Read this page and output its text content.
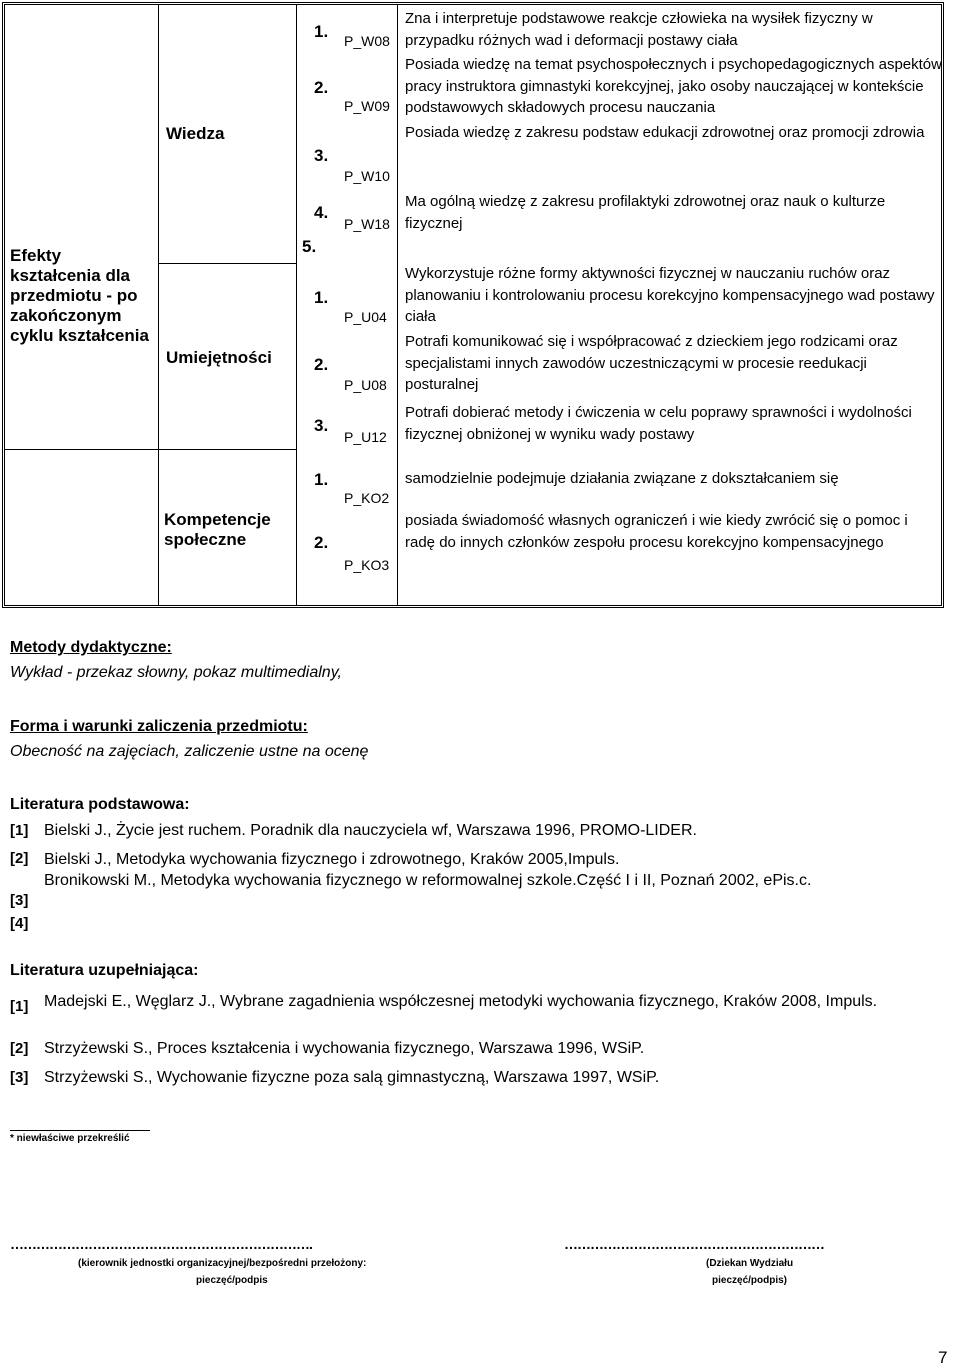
Efekty kształcenia dla przedmiotu - po zakończonym cyklu kształcenia
Wiedza
Umiejętności
Kompetencje społeczne
1. P_W08
Zna i interpretuje podstawowe reakcje człowieka na wysiłek fizyczny w przypadku różnych wad i deformacji postawy ciała
2.
P_W09
Posiada wiedzę na temat psychospołecznych i psychopedagogicznych aspektów pracy instruktora gimnastyki korekcyjnej, jako osoby nauczającej w kontekście podstawowych składowych procesu nauczania
3.
P_W10
Posiada wiedzę z zakresu podstaw edukacji zdrowotnej oraz promocji zdrowia
4.
P_W18
Ma ogólną wiedzę z zakresu profilaktyki zdrowotnej oraz nauk o kulturze fizycznej
5.
1.
P_U04
Wykorzystuje różne formy aktywności fizycznej w nauczaniu ruchów oraz planowaniu i kontrolowaniu procesu korekcyjno kompensacyjnego wad postawy ciała
2.
P_U08
Potrafi komunikować się i współpracować z dzieckiem jego rodzicami oraz specjalistami innych zawodów uczestniczącymi w procesie reedukacji posturalnej
3.
P_U12
Potrafi dobierać metody i ćwiczenia w celu poprawy sprawności i wydolności fizycznej obniżonej w wyniku wady postawy
1.
P_KO2
samodzielnie podejmuje działania związane z dokształcaniem się
2.
P_KO3
posiada świadomość własnych ograniczeń i wie kiedy zwrócić się o pomoc i radę do innych członków zespołu procesu korekcyjno kompensacyjnego
Metody dydaktyczne:
Wykład - przekaz słowny, pokaz multimedialny,
Forma i warunki zaliczenia przedmiotu:
Obecność na zajęciach, zaliczenie ustne na ocenę
Literatura podstawowa:
[1] Bielski J., Życie jest ruchem. Poradnik dla nauczyciela wf, Warszawa 1996, PROMO-LIDER.
[2] Bielski J., Metodyka wychowania fizycznego i zdrowotnego, Kraków 2005,Impuls.
[3]
Bronikowski M., Metodyka wychowania fizycznego w reformowalnej szkole.Część I i II, Poznań 2002, ePis.c.
[4]
Literatura uzupełniająca:
[1] Madejski E., Węglarz J., Wybrane zagadnienia współczesnej metodyki wychowania fizycznego, Kraków 2008, Impuls.
[2] Strzyżewski S., Proces kształcenia i wychowania fizycznego, Warszawa 1996, WSiP.
[3] Strzyżewski S., Wychowanie fizyczne poza salą gimnastyczną, Warszawa 1997, WSiP.
* niewłaściwe przekreślić
…………………………………………………………….
(kierownik jednostki organizacyjnej/bezpośredni przełożony:
pieczęć/podpis
……………………………………………………
(Dziekan Wydziału
pieczęć/podpis)
7
